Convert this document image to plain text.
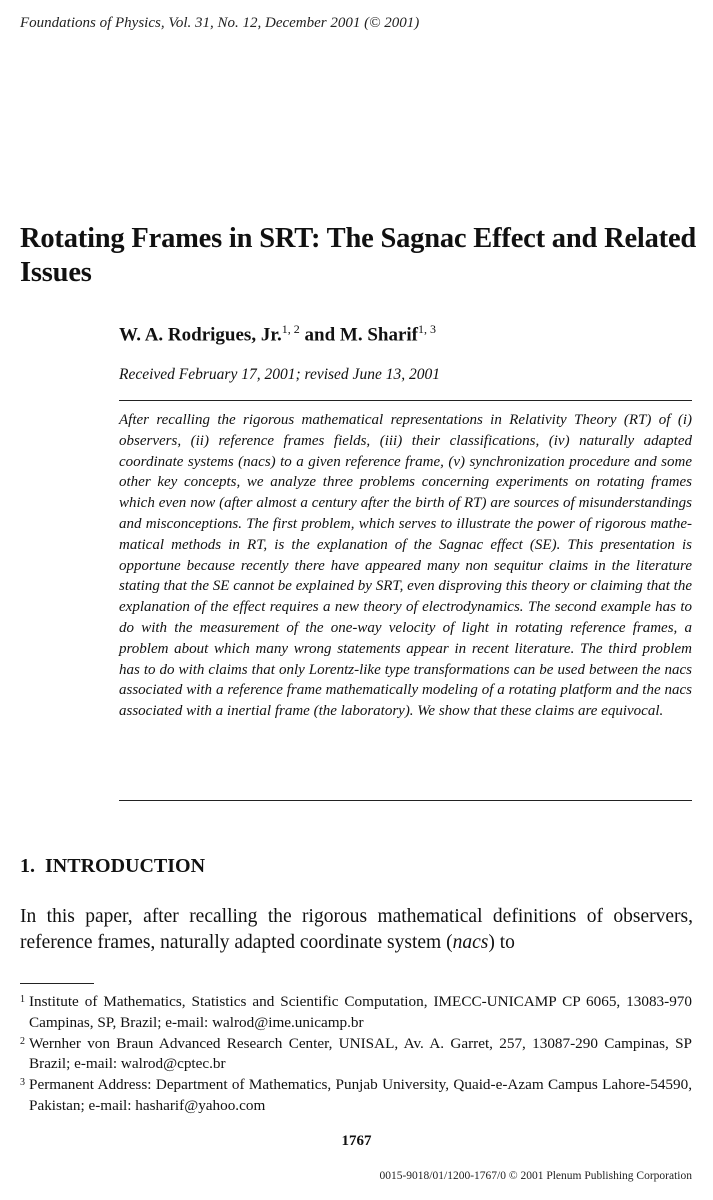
Foundations of Physics, Vol. 31, No. 12, December 2001 (© 2001)
Rotating Frames in SRT: The Sagnac Effect and Related Issues
W. A. Rodrigues, Jr.$^{1, 2}$ and M. Sharif$^{1, 3}$
Received February 17, 2001; revised June 13, 2001
After recalling the rigorous mathematical representations in Relativity Theory (RT) of (i) observers, (ii) reference frames fields, (iii) their classifications, (iv) naturally adapted coordinate systems (nacs) to a given reference frame, (v) synchronization procedure and some other key concepts, we analyze three problems concerning experiments on rotating frames which even now (after almost a century after the birth of RT) are sources of misunderstandings and misconceptions. The first problem, which serves to illustrate the power of rigorous mathematical methods in RT, is the explanation of the Sagnac effect (SE). This presentation is opportune because recently there have appeared many non sequitur claims in the literature stating that the SE cannot be explained by SRT, even disproving this theory or claiming that the explanation of the effect requires a new theory of electrodynamics. The second example has to do with the measurement of the one-way velocity of light in rotating reference frames, a problem about which many wrong statements appear in recent literature. The third problem has to do with claims that only Lorentz-like type transformations can be used between the nacs associated with a reference frame mathematically modeling of a rotating platform and the nacs associated with a inertial frame (the laboratory). We show that these claims are equivocal.
1. INTRODUCTION
In this paper, after recalling the rigorous mathematical definitions of observers, reference frames, naturally adapted coordinate system (nacs) to
1 Institute of Mathematics, Statistics and Scientific Computation, IMECC-UNICAMP CP 6065, 13083-970 Campinas, SP, Brazil; e-mail: walrod@ime.unicamp.br
2 Wernher von Braun Advanced Research Center, UNISAL, Av. A. Garret, 257, 13087-290 Campinas, SP Brazil; e-mail: walrod@cptec.br
3 Permanent Address: Department of Mathematics, Punjab University, Quaid-e-Azam Campus Lahore-54590, Pakistan; e-mail: hasharif@yahoo.com
1767
0015-9018/01/1200-1767/0 © 2001 Plenum Publishing Corporation
